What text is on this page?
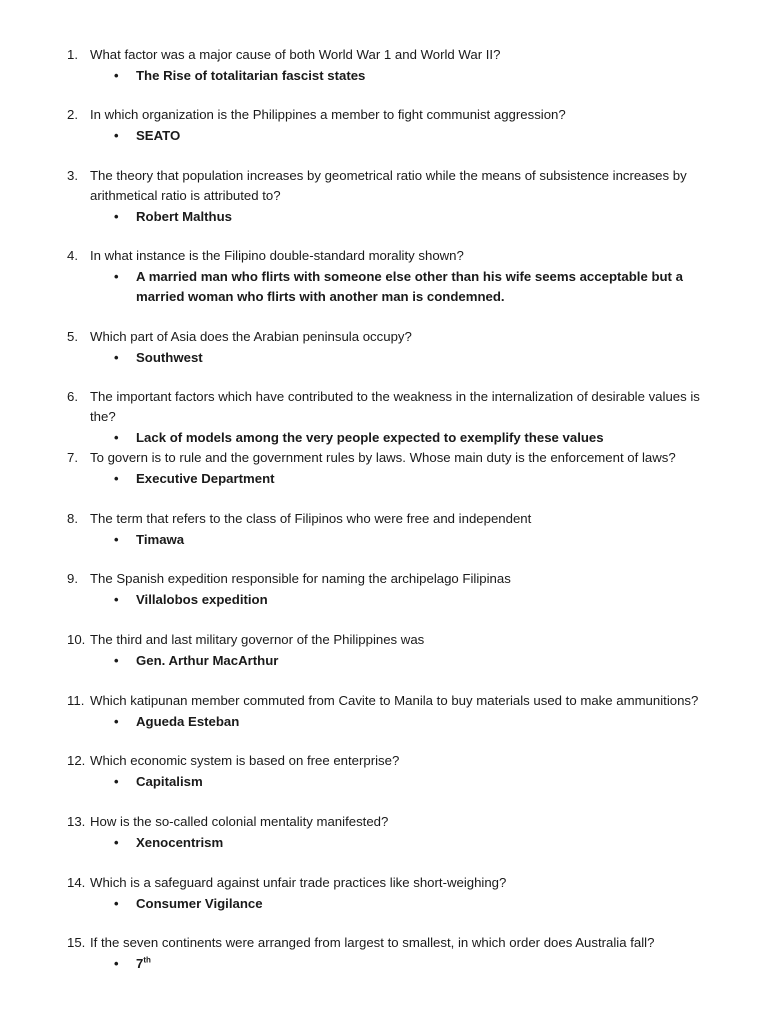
1. What factor was a major cause of both World War 1 and World War II?
• The Rise of totalitarian fascist states
2. In which organization is the Philippines a member to fight communist aggression?
• SEATO
3. The theory that population increases by geometrical ratio while the means of subsistence increases by arithmetical ratio is attributed to?
• Robert Malthus
4. In what instance is the Filipino double-standard morality shown?
• A married man who flirts with someone else other than his wife seems acceptable but a married woman who flirts with another man is condemned.
5. Which part of Asia does the Arabian peninsula occupy?
• Southwest
6. The important factors which have contributed to the weakness in the internalization of desirable values is the?
• Lack of models among the very people expected to exemplify these values
7. To govern is to rule and the government rules by laws. Whose main duty is the enforcement of laws?
• Executive Department
8. The term that refers to the class of Filipinos who were free and independent
• Timawa
9. The Spanish expedition responsible for naming the archipelago Filipinas
• Villalobos expedition
10. The third and last military governor of the Philippines was
• Gen. Arthur MacArthur
11. Which katipunan member commuted from Cavite to Manila to buy materials used to make ammunitions?
• Agueda Esteban
12. Which economic system is based on free enterprise?
• Capitalism
13. How is the so-called colonial mentality manifested?
• Xenocentrism
14. Which is a safeguard against unfair trade practices like short-weighing?
• Consumer Vigilance
15. If the seven continents were arranged from largest to smallest, in which order does Australia fall?
• 7th
